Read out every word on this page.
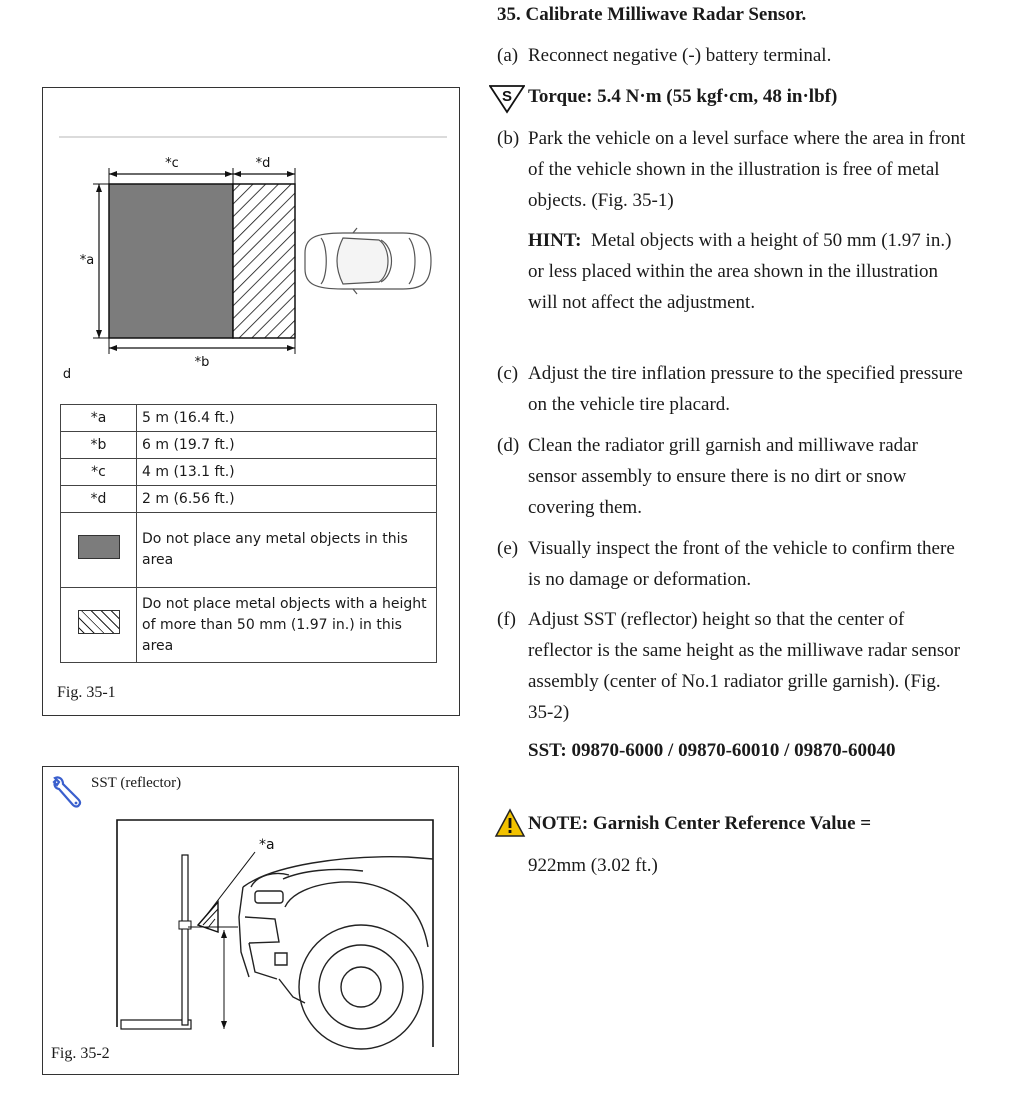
35. Calibrate Milliwave Radar Sensor.
(a) Reconnect negative (-) battery terminal.
S Torque: 5.4 N·m (55 kgf·cm, 48 in·lbf)
(b) Park the vehicle on a level surface where the area in front of the vehicle shown in the illustration is free of metal objects. (Fig. 35-1)
HINT: Metal objects with a height of 50 mm (1.97 in.) or less placed within the area shown in the illustration will not affect the adjustment.
(c) Adjust the tire inflation pressure to the specified pressure on the vehicle tire placard.
(d) Clean the radiator grill garnish and milliwave radar sensor assembly to ensure there is no dirt or snow covering them.
(e) Visually inspect the front of the vehicle to confirm there is no damage or deformation.
(f) Adjust SST (reflector) height so that the center of reflector is the same height as the milliwave radar sensor assembly (center of No.1 radiator grille garnish). (Fig. 35-2)
SST: 09870-6000 / 09870-60010 / 09870-60040
NOTE: Garnish Center Reference Value =
922mm (3.02 ft.)
*c	*d
*a
*b
d
*a	5 m (16.4 ft.)
*b	6 m (19.7 ft.)
*c	4 m (13.1 ft.)
*d	2 m (6.56 ft.)
	Do not place any metal objects in this area
	Do not place metal objects with a height of more than 50 mm (1.97 in.) in this area
Fig. 35-1
SST (reflector)
*a
Fig. 35-2
